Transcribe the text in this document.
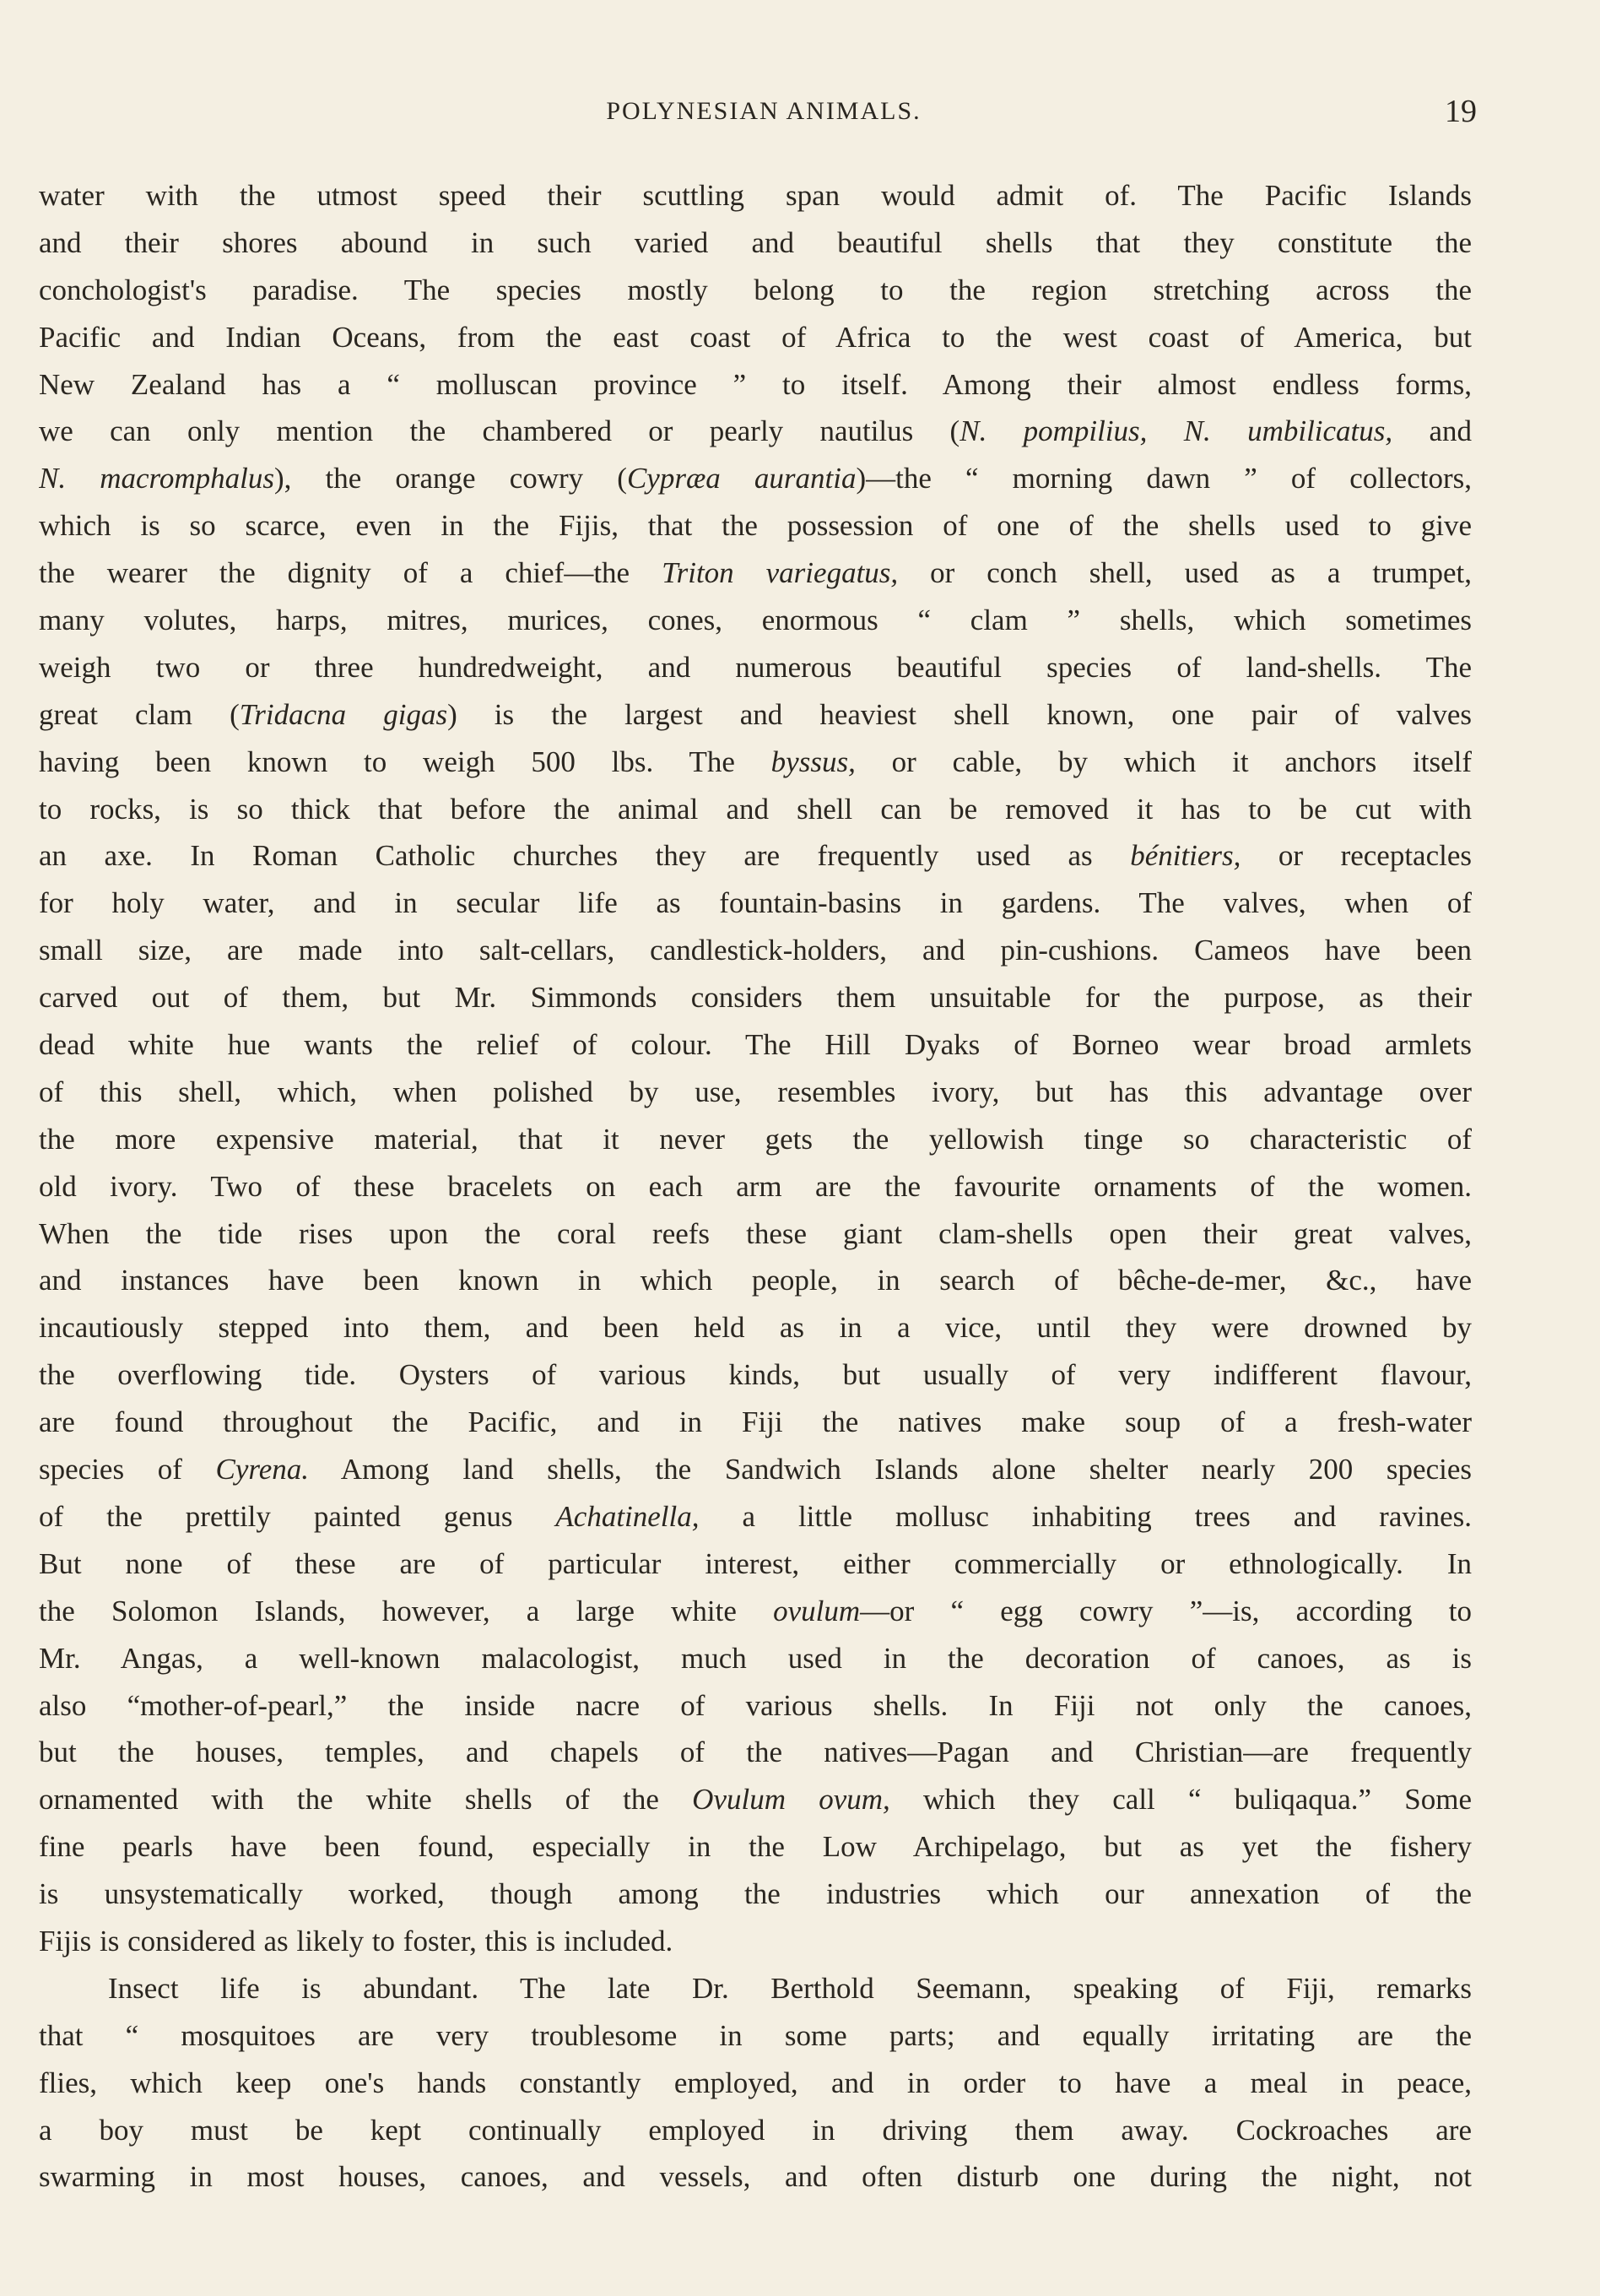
POLYNESIAN ANIMALS.	19
water with the utmost speed their scuttling span would admit of. The Pacific Islands
and their shores abound in such varied and beautiful shells that they constitute the
conchologist's paradise. The species mostly belong to the region stretching across the
Pacific and Indian Oceans, from the east coast of Africa to the west coast of America, but
New Zealand has a “ molluscan province ” to itself. Among their almost endless forms,
we can only mention the chambered or pearly nautilus (N. pompilius, N. umbilicatus, and
N. macromphalus), the orange cowry (Cypræa aurantia)—the “ morning dawn ” of collectors,
which is so scarce, even in the Fijis, that the possession of one of the shells used to give
the wearer the dignity of a chief—the Triton variegatus, or conch shell, used as a trumpet,
many volutes, harps, mitres, murices, cones, enormous “ clam ” shells, which sometimes
weigh two or three hundredweight, and numerous beautiful species of land-shells. The
great clam (Tridacna gigas) is the largest and heaviest shell known, one pair of valves
having been known to weigh 500 lbs. The byssus, or cable, by which it anchors itself
to rocks, is so thick that before the animal and shell can be removed it has to be cut with
an axe. In Roman Catholic churches they are frequently used as bénitiers, or receptacles
for holy water, and in secular life as fountain-basins in gardens. The valves, when of
small size, are made into salt-cellars, candlestick-holders, and pin-cushions. Cameos have been
carved out of them, but Mr. Simmonds considers them unsuitable for the purpose, as their
dead white hue wants the relief of colour. The Hill Dyaks of Borneo wear broad armlets
of this shell, which, when polished by use, resembles ivory, but has this advantage over
the more expensive material, that it never gets the yellowish tinge so characteristic of
old ivory. Two of these bracelets on each arm are the favourite ornaments of the women.
When the tide rises upon the coral reefs these giant clam-shells open their great valves,
and instances have been known in which people, in search of bêche-de-mer, &c., have
incautiously stepped into them, and been held as in a vice, until they were drowned by
the overflowing tide. Oysters of various kinds, but usually of very indifferent flavour,
are found throughout the Pacific, and in Fiji the natives make soup of a fresh-water
species of Cyrena. Among land shells, the Sandwich Islands alone shelter nearly 200 species
of the prettily painted genus Achatinella, a little mollusc inhabiting trees and ravines.
But none of these are of particular interest, either commercially or ethnologically. In
the Solomon Islands, however, a large white ovulum—or “ egg cowry ”—is, according to
Mr. Angas, a well-known malacologist, much used in the decoration of canoes, as is
also “mother-of-pearl,” the inside nacre of various shells. In Fiji not only the canoes,
but the houses, temples, and chapels of the natives—Pagan and Christian—are frequently
ornamented with the white shells of the Ovulum ovum, which they call “ buliqaqua.” Some
fine pearls have been found, especially in the Low Archipelago, but as yet the fishery
is unsystematically worked, though among the industries which our annexation of the
Fijis is considered as likely to foster, this is included.
Insect life is abundant. The late Dr. Berthold Seemann, speaking of Fiji, remarks
that “ mosquitoes are very troublesome in some parts; and equally irritating are the
flies, which keep one's hands constantly employed, and in order to have a meal in peace,
a boy must be kept continually employed in driving them away. Cockroaches are
swarming in most houses, canoes, and vessels, and often disturb one during the night, not
